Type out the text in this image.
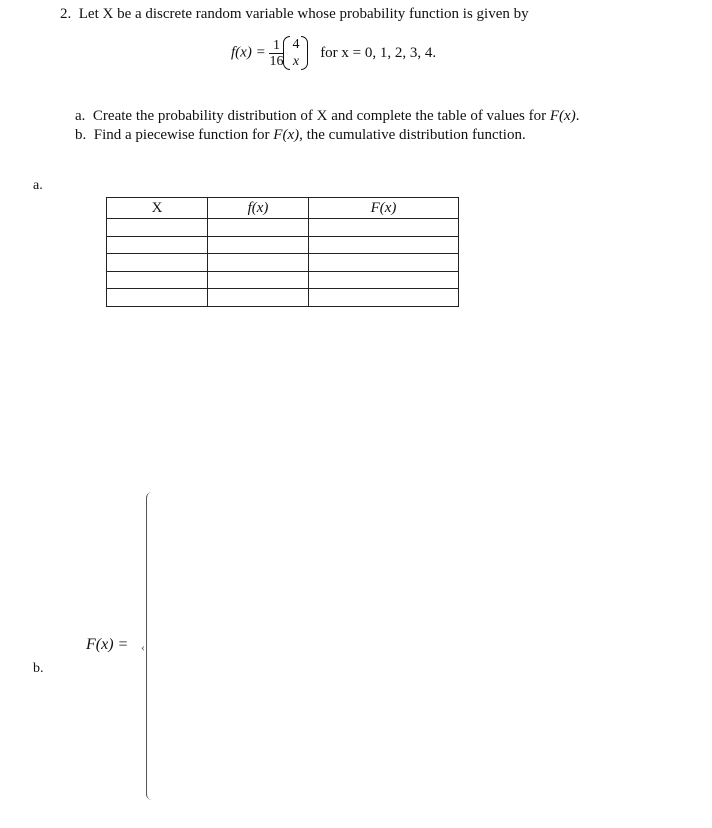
2. Let X be a discrete random variable whose probability function is given by
$f(x) = \frac{1}{16} 4$
x
for x = 0, 1, 2, 3, 4.
a. Create the probability distribution of X and complete the table of values for F(x).
b. Find a piecewise function for F(x), the cumulative distribution function.
a.
X	f(x)	F(x)

F(x) = ‹
b.
